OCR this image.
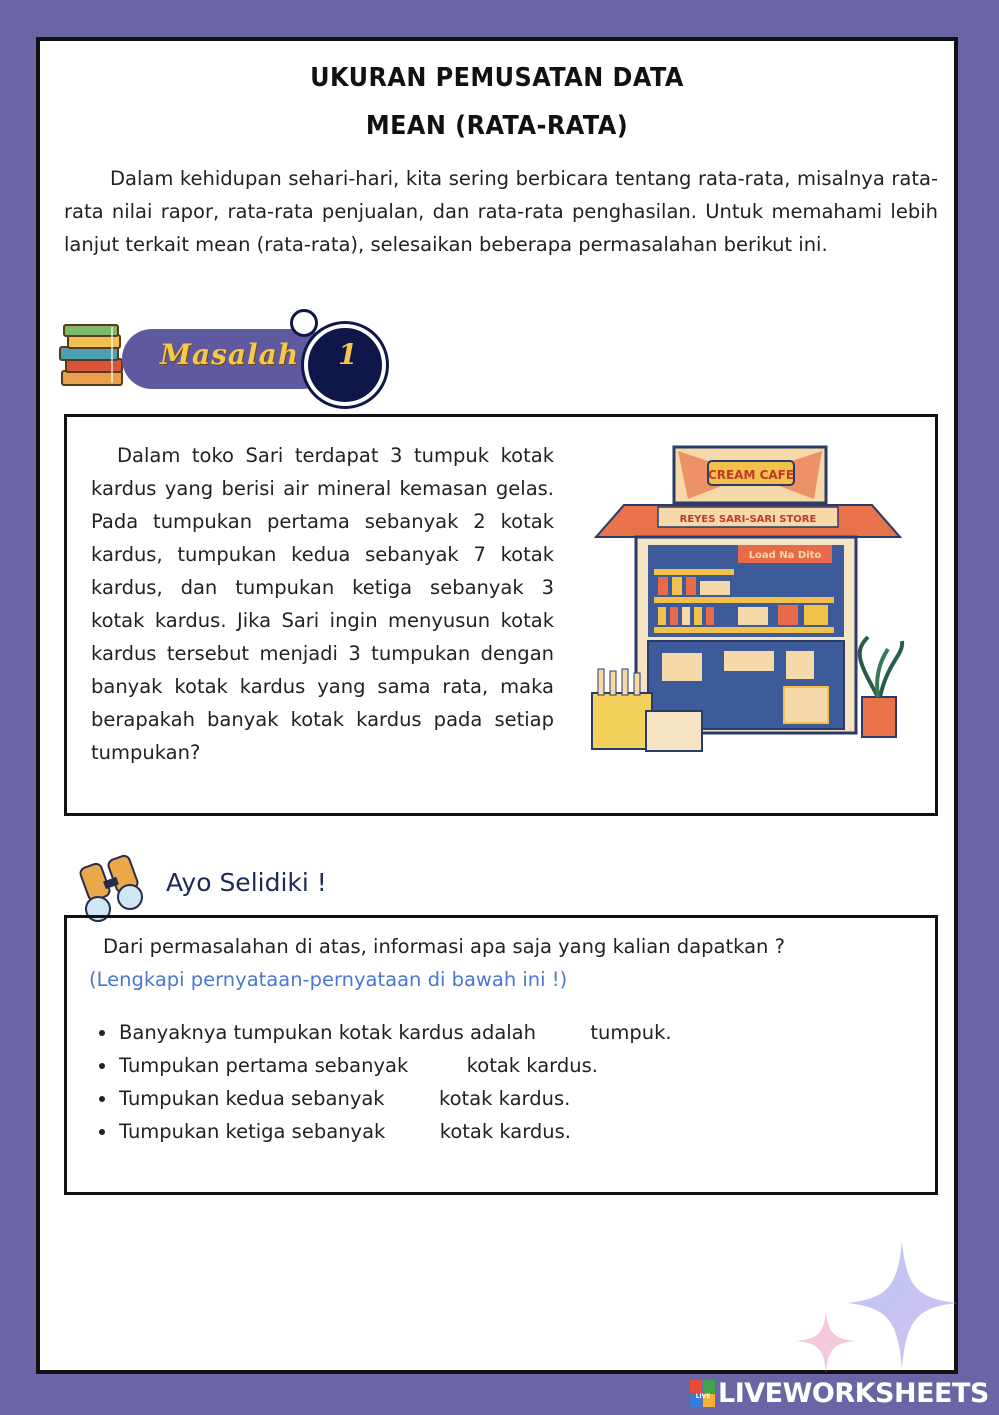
UKURAN PEMUSATAN DATA
MEAN (RATA-RATA)
Dalam kehidupan sehari-hari, kita sering berbicara tentang rata-rata, misalnya rata-rata nilai rapor, rata-rata penjualan, dan rata-rata penghasilan. Untuk memahami lebih lanjut terkait mean (rata-rata), selesaikan beberapa permasalahan berikut ini.
Masalah 1
Dalam toko Sari terdapat 3 tumpuk kotak kardus yang berisi air mineral kemasan gelas. Pada tumpukan pertama sebanyak 2 kotak kardus, tumpukan kedua sebanyak 7 kotak kardus, dan tumpukan ketiga sebanyak 3 kotak kardus. Jika Sari ingin menyusun kotak kardus tersebut menjadi 3 tumpukan dengan banyak kotak kardus yang sama rata, maka berapakah banyak kotak kardus pada setiap tumpukan?
CREAM CAFE
REYES SARI-SARI STORE
Load Na Dito
Ayo Selidiki !
Dari permasalahan di atas, informasi apa saja yang kalian dapatkan ?
(Lengkapi pernyataan-pernyataan di bawah ini !)
Banyaknya tumpukan kotak kardus adalah	tumpuk.
Tumpukan pertama sebanyak	kotak kardus.
Tumpukan kedua sebanyak	kotak kardus.
Tumpukan ketiga sebanyak	kotak kardus.
LIVE LIVEWORKSHEETS
